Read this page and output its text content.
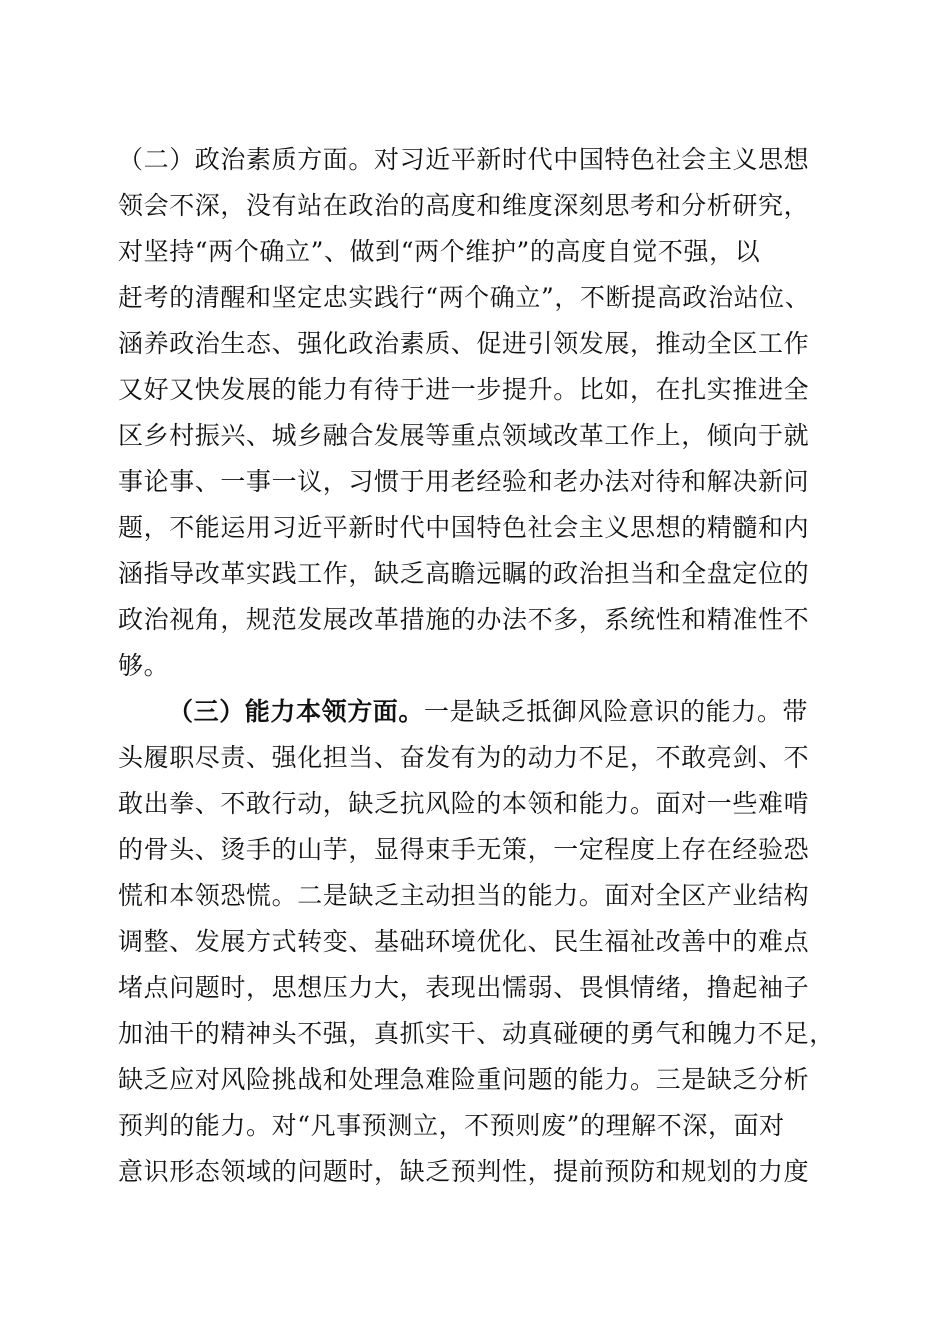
（二）政治素质方面。对习近平新时代中国特色社会主义思想
领会不深，没有站在政治的高度和维度深刻思考和分析研究，
对坚持“两个确立”、做到“两个维护”的高度自觉不强，以
赶考的清醒和坚定忠实践行“两个确立”，不断提高政治站位、
涵养政治生态、强化政治素质、促进引领发展，推动全区工作
又好又快发展的能力有待于进一步提升。比如，在扎实推进全
区乡村振兴、城乡融合发展等重点领域改革工作上，倾向于就
事论事、一事一议，习惯于用老经验和老办法对待和解决新问
题，不能运用习近平新时代中国特色社会主义思想的精髓和内
涵指导改革实践工作，缺乏高瞻远瞩的政治担当和全盘定位的
政治视角，规范发展改革措施的办法不多，系统性和精准性不
够。
（三）能力本领方面。一是缺乏抵御风险意识的能力。带
头履职尽责、强化担当、奋发有为的动力不足，不敢亮剑、不
敢出拳、不敢行动，缺乏抗风险的本领和能力。面对一些难啃
的骨头、烫手的山芋，显得束手无策，一定程度上存在经验恐
慌和本领恐慌。二是缺乏主动担当的能力。面对全区产业结构
调整、发展方式转变、基础环境优化、民生福祉改善中的难点
堵点问题时，思想压力大，表现出懦弱、畏惧情绪，撸起袖子
加油干的精神头不强，真抓实干、动真碰硬的勇气和魄力不足，
缺乏应对风险挑战和处理急难险重问题的能力。三是缺乏分析
预判的能力。对“凡事预测立，不预则废”的理解不深，面对
意识形态领域的问题时，缺乏预判性，提前预防和规划的力度
